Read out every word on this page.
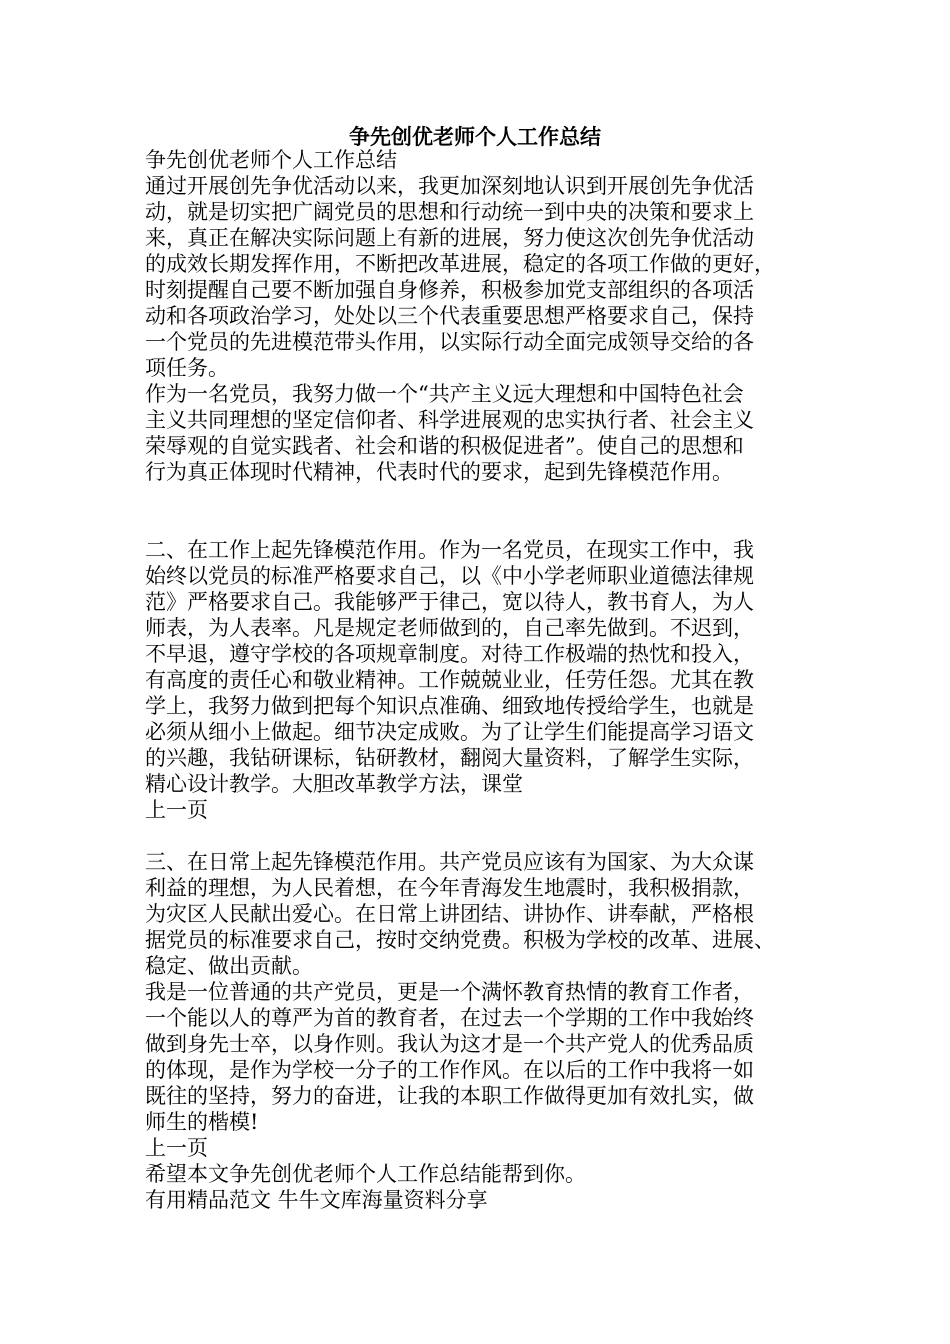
争先创优老师个人工作总结
争先创优老师个人工作总结
通过开展创先争优活动以来，我更加深刻地认识到开展创先争优活
动，就是切实把广阔党员的思想和行动统一到中央的决策和要求上
来，真正在解决实际问题上有新的进展，努力使这次创先争优活动
的成效长期发挥作用，不断把改革进展，稳定的各项工作做的更好，
时刻提醒自己要不断加强自身修养，积极参加党支部组织的各项活
动和各项政治学习，处处以三个代表重要思想严格要求自己，保持
一个党员的先进模范带头作用，以实际行动全面完成领导交给的各
项任务。
作为一名党员，我努力做一个“共产主义远大理想和中国特色社会
主义共同理想的坚定信仰者、科学进展观的忠实执行者、社会主义
荣辱观的自觉实践者、社会和谐的积极促进者”。使自己的思想和
行为真正体现时代精神，代表时代的要求，起到先锋模范作用。
二、在工作上起先锋模范作用。作为一名党员，在现实工作中，我
始终以党员的标准严格要求自己，以《中小学老师职业道德法律规
范》严格要求自己。我能够严于律己，宽以待人，教书育人，为人
师表，为人表率。凡是规定老师做到的，自己率先做到。不迟到，
不早退，遵守学校的各项规章制度。对待工作极端的热忱和投入，
有高度的责任心和敬业精神。工作兢兢业业，任劳任怨。尤其在教
学上，我努力做到把每个知识点准确、细致地传授给学生，也就是
必须从细小上做起。细节决定成败。为了让学生们能提高学习语文
的兴趣，我钻研课标，钻研教材，翻阅大量资料，了解学生实际，
精心设计教学。大胆改革教学方法，课堂
上一页
三、在日常上起先锋模范作用。共产党员应该有为国家、为大众谋
利益的理想，为人民着想，在今年青海发生地震时，我积极捐款，
为灾区人民献出爱心。在日常上讲团结、讲协作、讲奉献，严格根
据党员的标准要求自己，按时交纳党费。积极为学校的改革、进展、
稳定、做出贡献。
我是一位普通的共产党员，更是一个满怀教育热情的教育工作者，
一个能以人的尊严为首的教育者，在过去一个学期的工作中我始终
做到身先士卒，以身作则。我认为这才是一个共产党人的优秀品质
的体现，是作为学校一分子的工作作风。在以后的工作中我将一如
既往的坚持，努力的奋进，让我的本职工作做得更加有效扎实，做
师生的楷模!
上一页
希望本文争先创优老师个人工作总结能帮到你。
有用精品范文 牛牛文库海量资料分享
